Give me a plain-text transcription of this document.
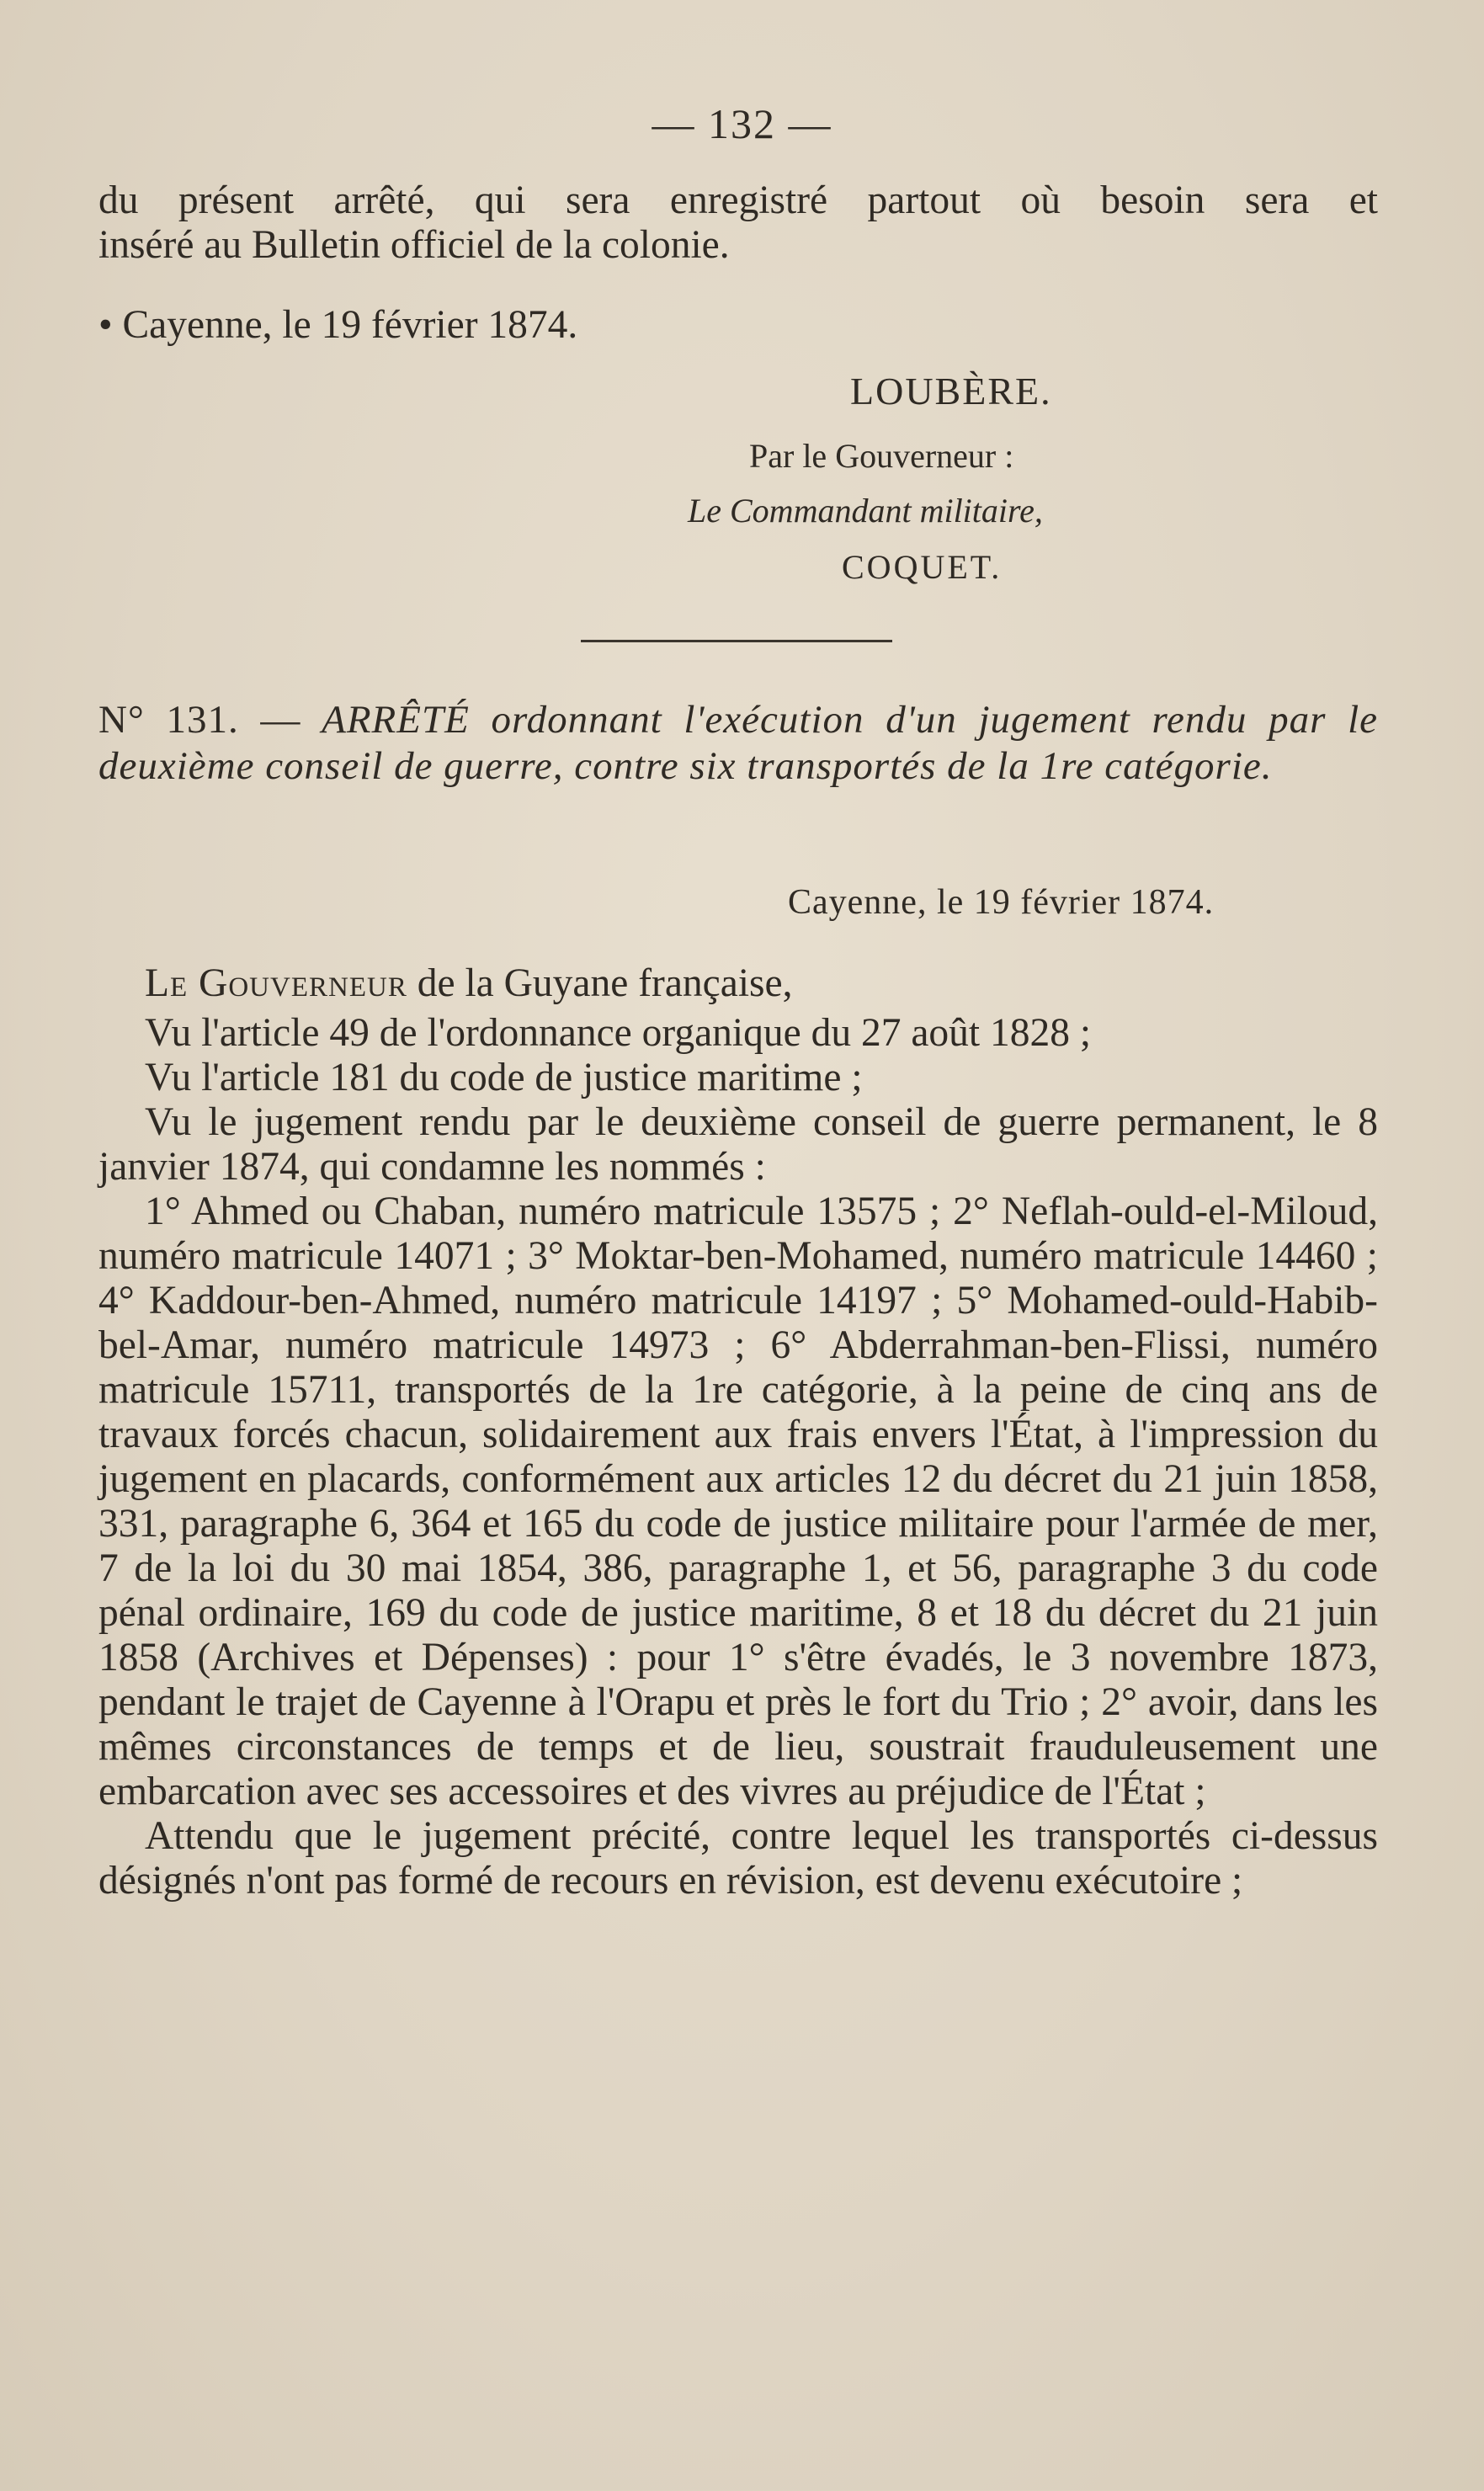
— 132 —

du présent arrêté, qui sera enregistré partout où besoin sera et

inséré au Bulletin officiel de la colonie.

• Cayenne, le 19 février 1874.
LOUBÈRE.
Par le Gouverneur :
Le Commandant militaire,
COQUET.
N° 131. — ARRÊTÉ ordonnant l'exécution d'un jugement rendu par le deuxième conseil de guerre, contre six transportés de la 1re catégorie.
Cayenne, le 19 février 1874.

Le Gouverneur de la Guyane française,

Vu l'article 49 de l'ordonnance organique du 27 août 1828 ;

Vu l'article 181 du code de justice maritime ;

Vu le jugement rendu par le deuxième conseil de guerre permanent, le 8 janvier 1874, qui condamne les nommés :

1° Ahmed ou Chaban, numéro matricule 13575 ; 2° Neflah-ould-el-Miloud, numéro matricule 14071 ; 3° Moktar-ben-Mohamed, numéro matricule 14460 ; 4° Kaddour-ben-Ahmed, numéro matricule 14197 ; 5° Mohamed-ould-Habib-bel-Amar, numéro matricule 14973 ; 6° Abderrahman-ben-Flissi, numéro matricule 15711, transportés de la 1re catégorie, à la peine de cinq ans de travaux forcés chacun, solidairement aux frais envers l'État, à l'impression du jugement en placards, conformément aux articles 12 du décret du 21 juin 1858, 331, paragraphe 6, 364 et 165 du code de justice militaire pour l'armée de mer, 7 de la loi du 30 mai 1854, 386, paragraphe 1, et 56, paragraphe 3 du code pénal ordinaire, 169 du code de justice maritime, 8 et 18 du décret du 21 juin 1858 (Archives et Dépenses) : pour 1° s'être évadés, le 3 novembre 1873, pendant le trajet de Cayenne à l'Orapu et près le fort du Trio ; 2° avoir, dans les mêmes circonstances de temps et de lieu, soustrait frauduleusement une embarcation avec ses accessoires et des vivres au préjudice de l'État ;

Attendu que le jugement précité, contre lequel les transportés ci-dessus désignés n'ont pas formé de recours en révision, est devenu exécutoire ;
